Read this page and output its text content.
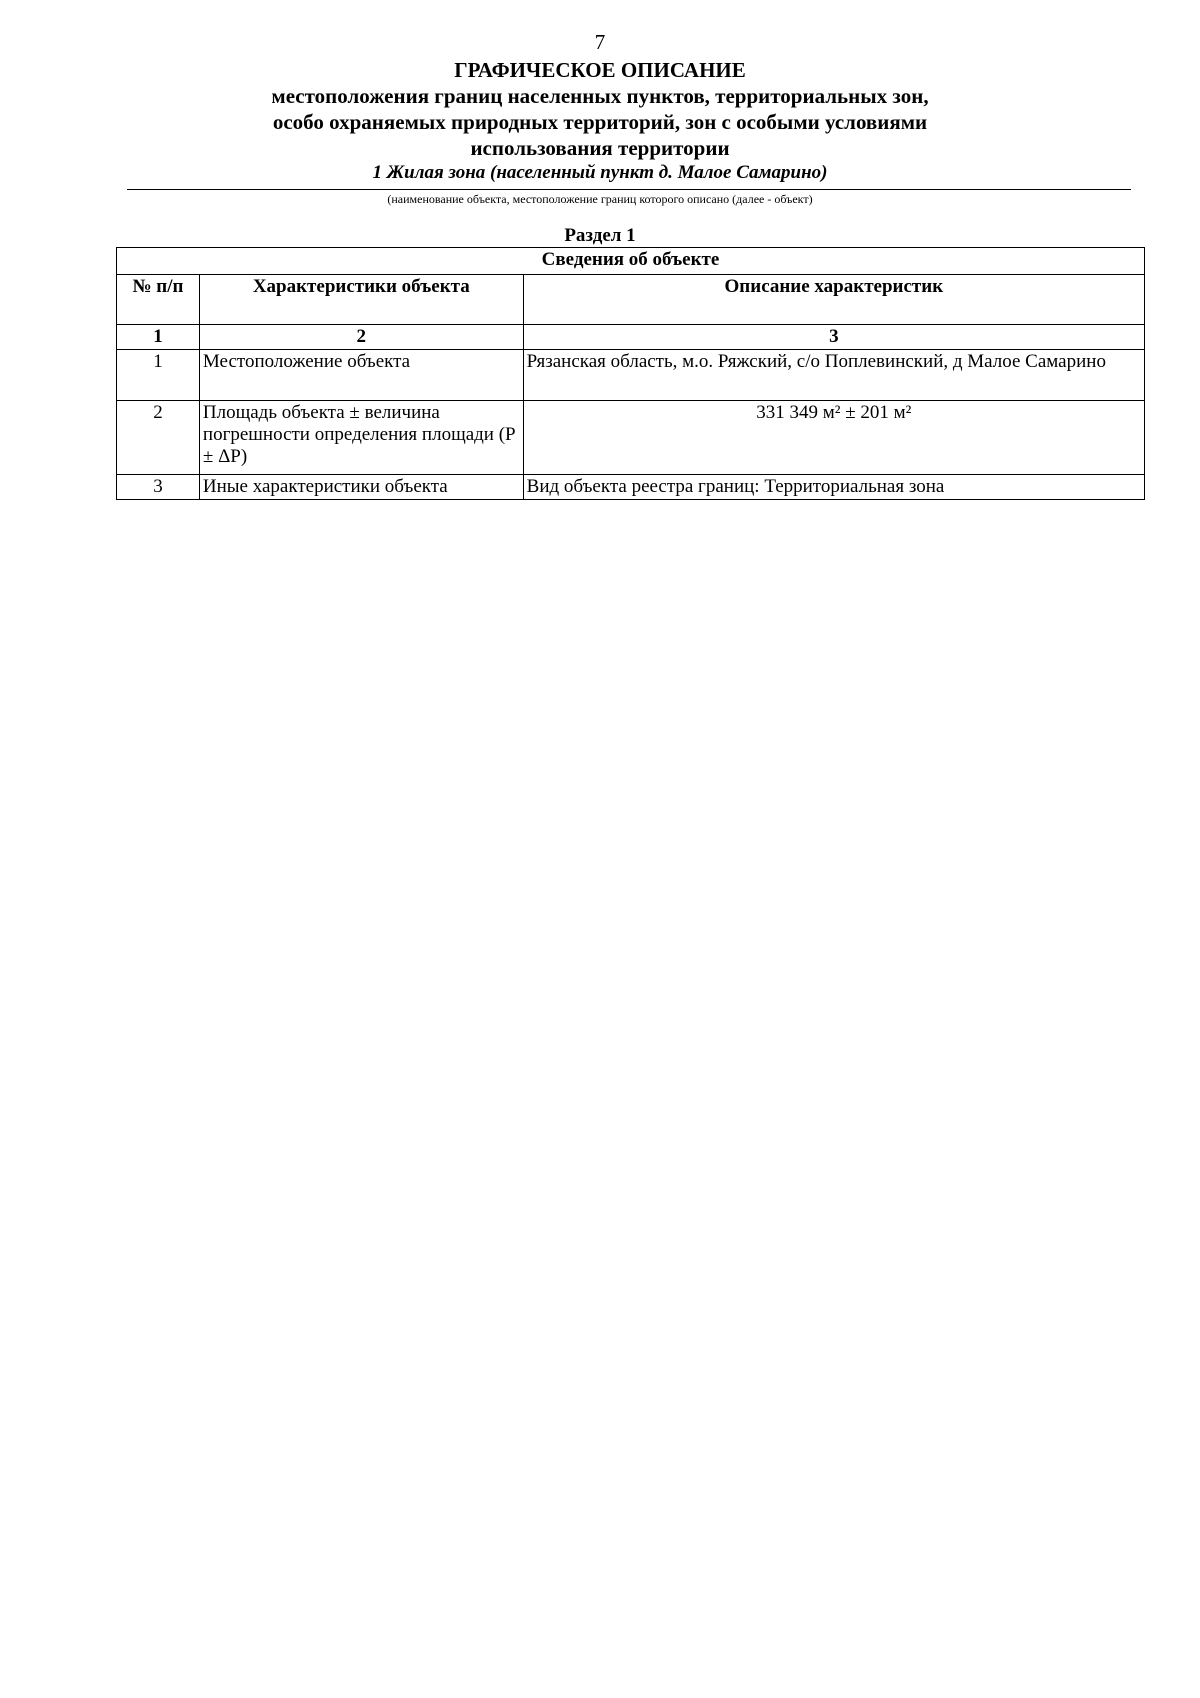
7

ГРАФИЧЕСКОЕ ОПИСАНИЕ

местоположения границ населенных пунктов, территориальных зон, особо охраняемых природных территорий, зон с особыми условиями использования территории

1 Жилая зона (населенный пункт д. Малое Самарино)
(наименование объекта, местоположение границ которого описано (далее - объект)
Раздел 1
Сведения об объекте		
№ п/п	Характеристики объекта	Описание характеристик
1	2	3
1	Местоположение объекта	Рязанская область, м.о. Ряжский, с/о Поплевинский, д Малое Самарино
2	Площадь объекта ± величина погрешности определения площади (P ± ΔP)	331 349 м² ± 201 м²
3	Иные характеристики объекта	Вид объекта реестра границ: Территориальная зона
